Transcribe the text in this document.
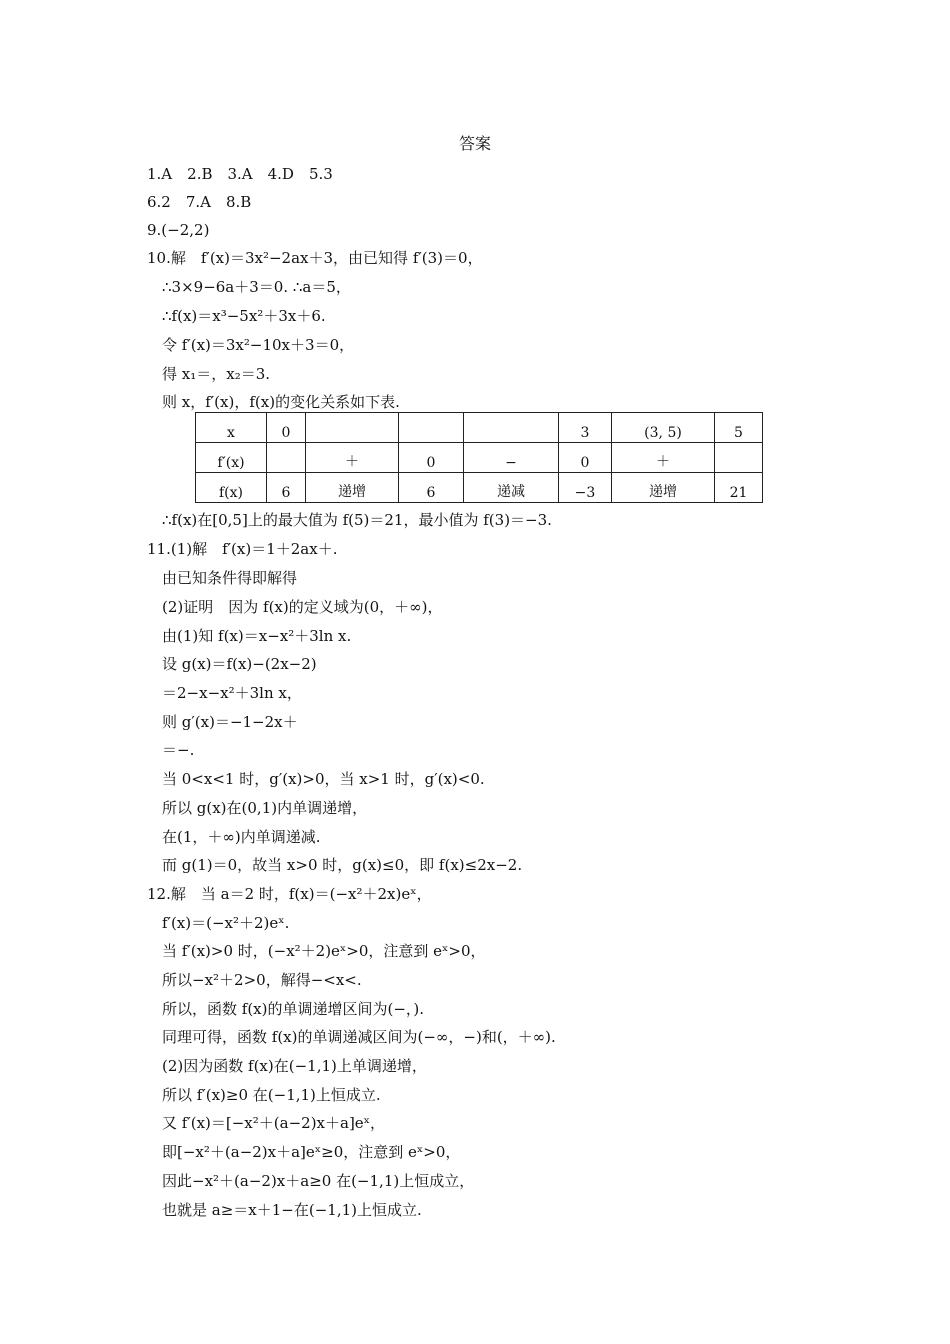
答案
1.A　2.B　3.A　4.D　5.3
6.2　7.A　8.B
9.(−2,2)
10.解　f′(x)＝3x²−2ax＋3，由已知得 f′(3)＝0，
∴3×9−6a＋3＝0. ∴a＝5，
∴f(x)＝x³−5x²＋3x＋6.
令 f′(x)＝3x²−10x＋3＝0，
得 x₁＝，x₂＝3.
则 x，f′(x)，f(x)的变化关系如下表.
∴f(x)在[0,5]上的最大值为 f(5)＝21，最小值为 f(3)＝−3.
11.(1)解　f′(x)＝1＋2ax＋.
由已知条件得即解得
(2)证明　因为 f(x)的定义域为(0，＋∞)，
由(1)知 f(x)＝x−x²＋3ln x.
设 g(x)＝f(x)−(2x−2)
＝2−x−x²＋3ln x，
则 g′(x)＝−1−2x＋
＝−.
当 0<x<1 时，g′(x)>0，当 x>1 时，g′(x)<0.
所以 g(x)在(0,1)内单调递增，
在(1，＋∞)内单调递减.
而 g(1)＝0，故当 x>0 时，g(x)≤0，即 f(x)≤2x−2.
12.解　当 a＝2 时，f(x)＝(−x²＋2x)eˣ，
f′(x)＝(−x²＋2)eˣ.
当 f′(x)>0 时，(−x²＋2)eˣ>0，注意到 eˣ>0，
所以−x²＋2>0，解得−<x<.
所以，函数 f(x)的单调递增区间为(−，).
同理可得，函数 f(x)的单调递减区间为(−∞，−)和(，＋∞).
(2)因为函数 f(x)在(−1,1)上单调递增，
所以 f′(x)≥0 在(−1,1)上恒成立.
又 f′(x)＝[−x²＋(a−2)x＋a]eˣ，
即[−x²＋(a−2)x＋a]eˣ≥0，注意到 eˣ>0，
因此−x²＋(a−2)x＋a≥0 在(−1,1)上恒成立，
也就是 a≥＝x＋1−在(−1,1)上恒成立.
x	0				3	(3, 5)	5
f′(x)		＋	0	−	0	＋	
f(x)	6	递增	6	递减	−3	递增	21
